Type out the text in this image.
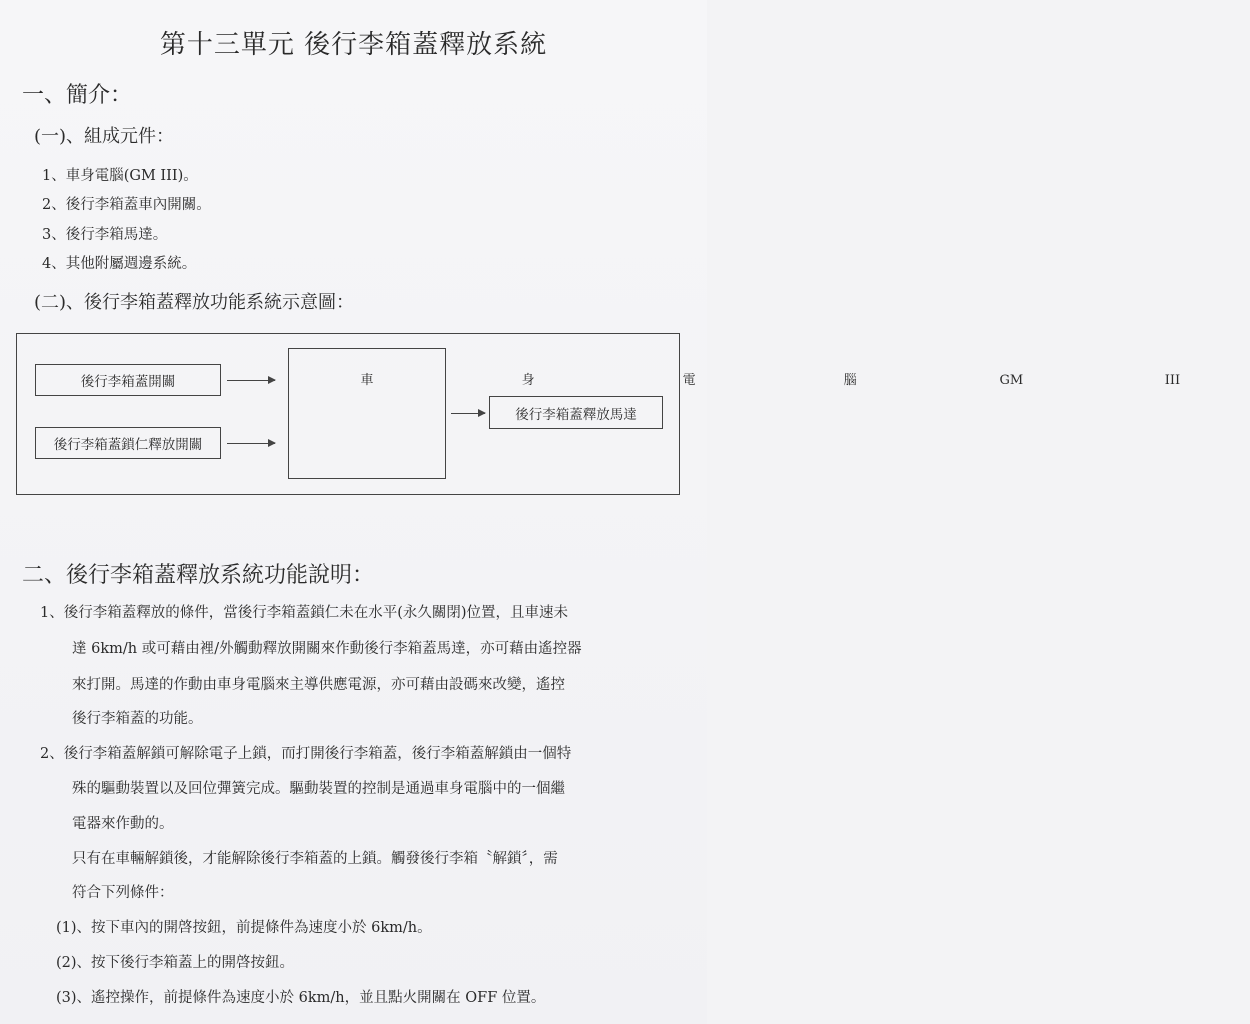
第十三單元 後行李箱蓋釋放系統
一、簡介：
(一)、組成元件：
1、車身電腦(GM III)。
2、後行李箱蓋車內開關。
3、後行李箱馬達。
4、其他附屬週邊系統。
(二)、後行李箱蓋釋放功能系統示意圖：
後行李箱蓋開關
後行李箱蓋鎖仁釋放開關
車	身	電	腦	GM	III
後行李箱蓋釋放馬達
二、後行李箱蓋釋放系統功能說明：
1、後行李箱蓋釋放的條件，當後行李箱蓋鎖仁未在水平(永久關閉)位置，且車速未
達 6km/h 或可藉由裡/外觸動釋放開關來作動後行李箱蓋馬達，亦可藉由遙控器
來打開。馬達的作動由車身電腦來主導供應電源，亦可藉由設碼來改變，遙控
後行李箱蓋的功能。
2、後行李箱蓋解鎖可解除電子上鎖，而打開後行李箱蓋，後行李箱蓋解鎖由一個特
殊的驅動裝置以及回位彈簧完成。驅動裝置的控制是通過車身電腦中的一個繼
電器來作動的。
只有在車輛解鎖後，才能解除後行李箱蓋的上鎖。觸發後行李箱〝解鎖〞，需
符合下列條件：
(1)、按下車內的開啓按鈕，前提條件為速度小於 6km/h。
(2)、按下後行李箱蓋上的開啓按鈕。
(3)、遙控操作，前提條件為速度小於 6km/h，並且點火開關在 OFF 位置。
